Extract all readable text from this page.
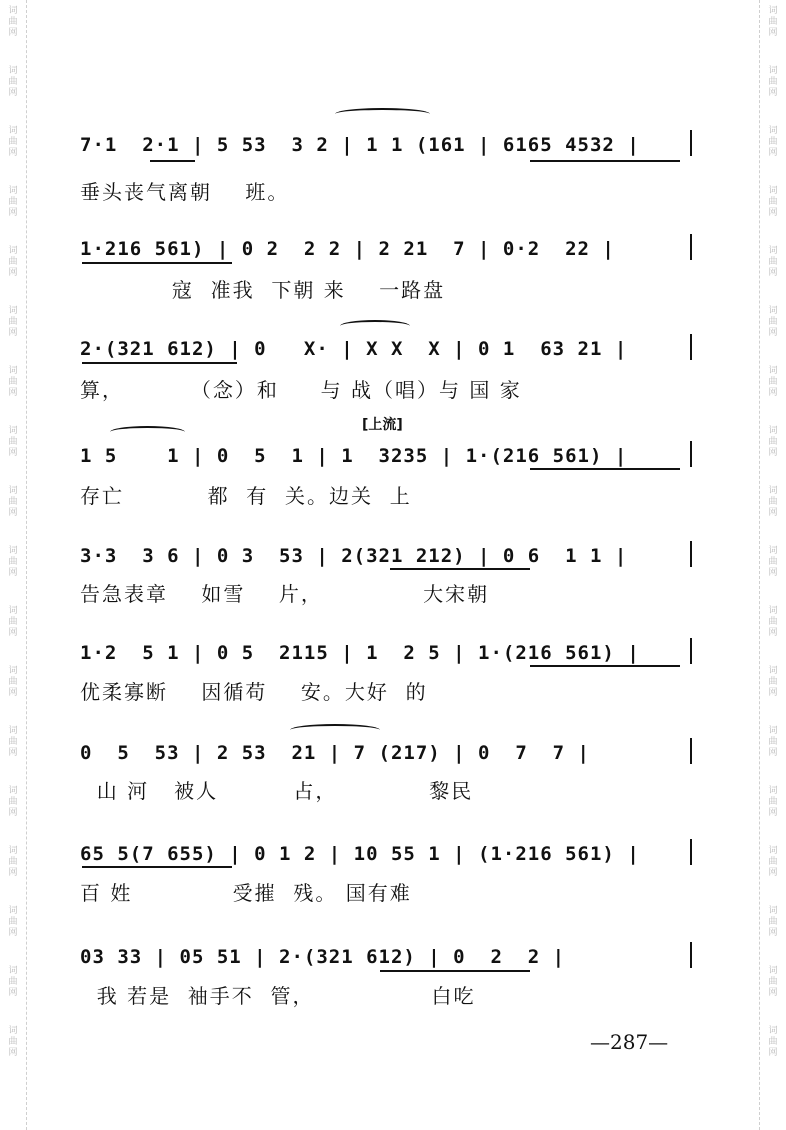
词曲网
词曲网
词曲网
词曲网
词曲网
词曲网
词曲网
词曲网
词曲网
词曲网
词曲网
词曲网
词曲网
词曲网
词曲网
词曲网
词曲网
词曲网
词曲网
词曲网
词曲网
词曲网
词曲网
词曲网
词曲网
词曲网
词曲网
词曲网
词曲网
词曲网
词曲网
词曲网
词曲网
词曲网
词曲网
词曲网
7·1  2·1 | 5 53  3 2 | 1 1 (161 | 6165 4532 |
垂头丧气离朝    班。
1·216 561) | 0 2  2 2 | 2 21  7 | 0·2  22 |
寇  准我  下朝 来    一路盘
2·(321 612) | 0   X· | X X  X | 0 1  63 21 |
算，        （念）和     与 战（唱）与 国 家
[上流]
1 5    1 | 0  5  1 | 1  3235 | 1·(216 561) |
存亡          都  有  关。边关  上
3·3  3 6 | 0 3  53 | 2(321 212) | 0 6  1 1 |
告急表章    如雪    片，            大宋朝
1·2  5 1 | 0 5  2115 | 1  2 5 | 1·(216 561) |
优柔寡断    因循苟    安。大好  的
0  5  53 | 2 53  21 | 7 (217) | 0  7  7 |
山 河   被人         占，           黎民
65 5(7 655) | 0 1 2 | 10 55 1 | (1·216 561) |
百 姓            受摧  残。 国有难
03 33 | 05 51 | 2·(321 612) | 0  2  2 |
我 若是  袖手不  管，              白吃
—287—
